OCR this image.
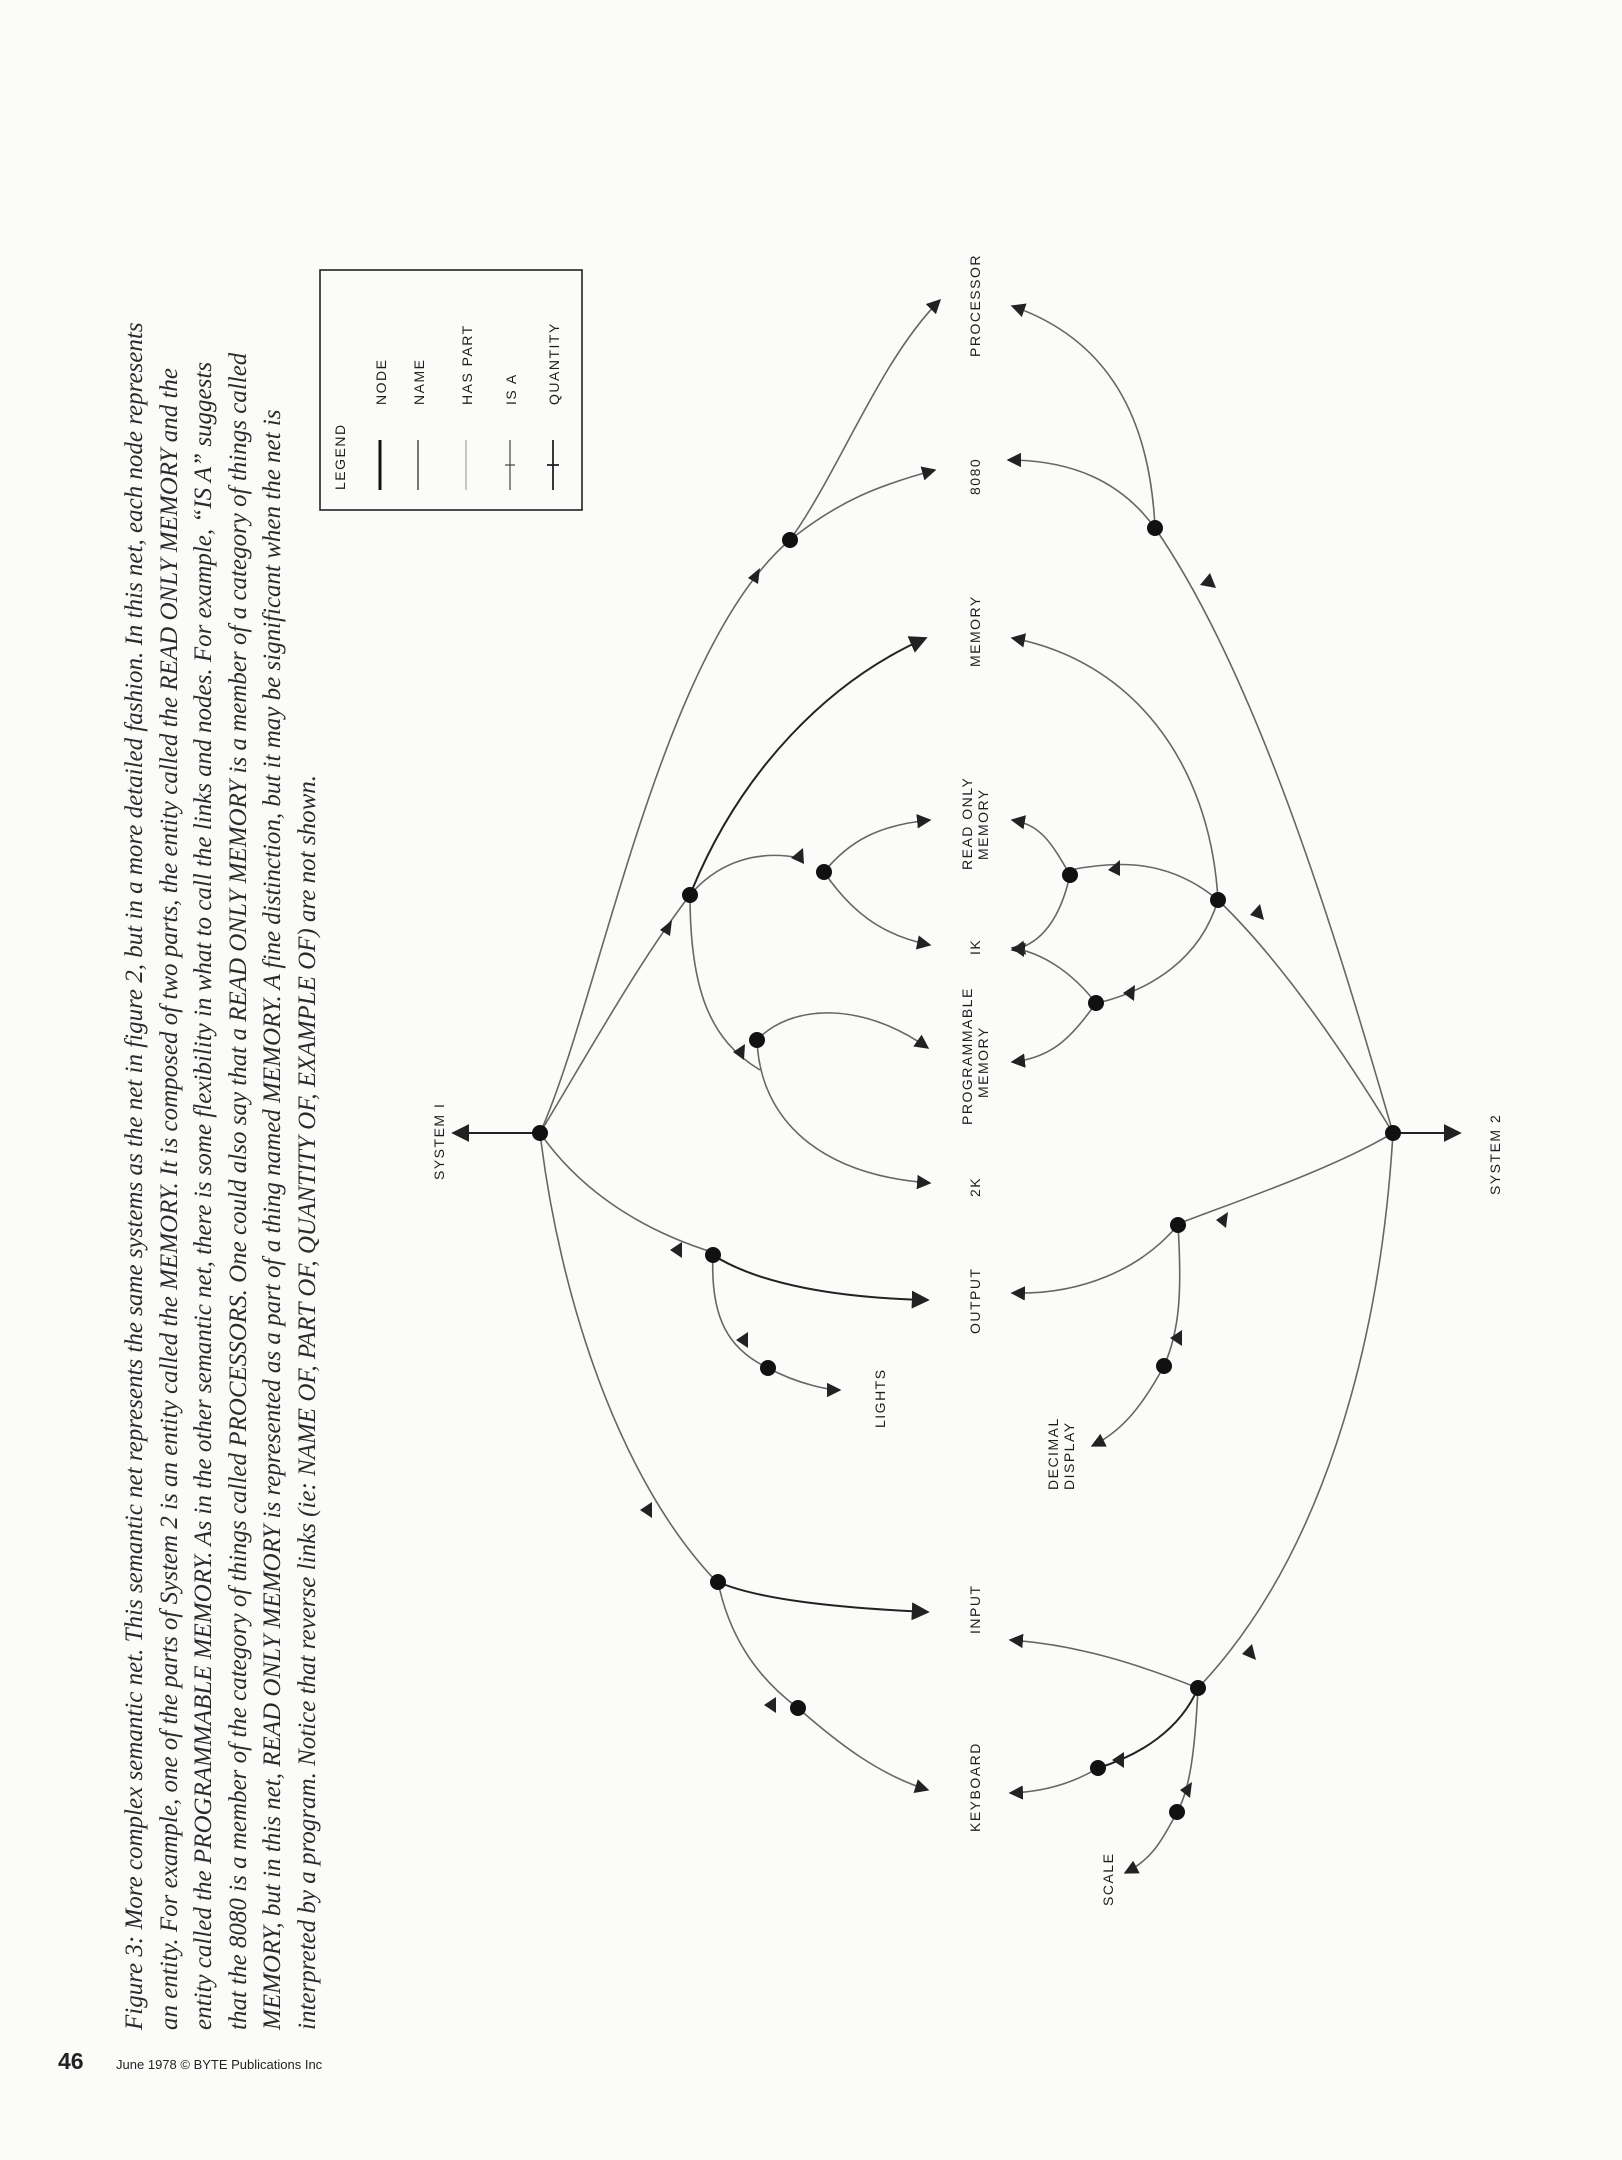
Figure 3: More complex semantic net. This semantic net represents the same systems as the net in figure 2, but in a more detailed fashion. In this net, each node represents an entity. For example, one of the parts of System 2 is an entity called the MEMORY. It is composed of two parts, the entity called the READ ONLY MEMORY and the entity called the PROGRAMMABLE MEMORY. As in the other semantic net, there is some flexibility in what to call the links and nodes. For example, “IS A” suggests that the 8080 is a member of the category of things called PROCESSORS. One could also say that a READ ONLY MEMORY is a member of a category of things called MEMORY, but in this net, READ ONLY MEMORY is represented as a part of a thing named MEMORY. A fine distinction, but it may be significant when the net is interpreted by a program. Notice that reverse links (ie: NAME OF, PART OF, QUANTITY OF, EXAMPLE OF) are not shown.

46 June 1978 © BYTE Publications Inc
SYSTEM I	SYSTEM 2
PROCESSOR
8080
MEMORY
READ ONLY MEMORY
IK
PROGRAMMABLE MEMORY
2K
OUTPUT
LIGHTS
DECIMAL DISPLAY
INPUT
KEYBOARD
SCALE
LEGEND
NODE NAME HAS PART IS A QUANTITY
